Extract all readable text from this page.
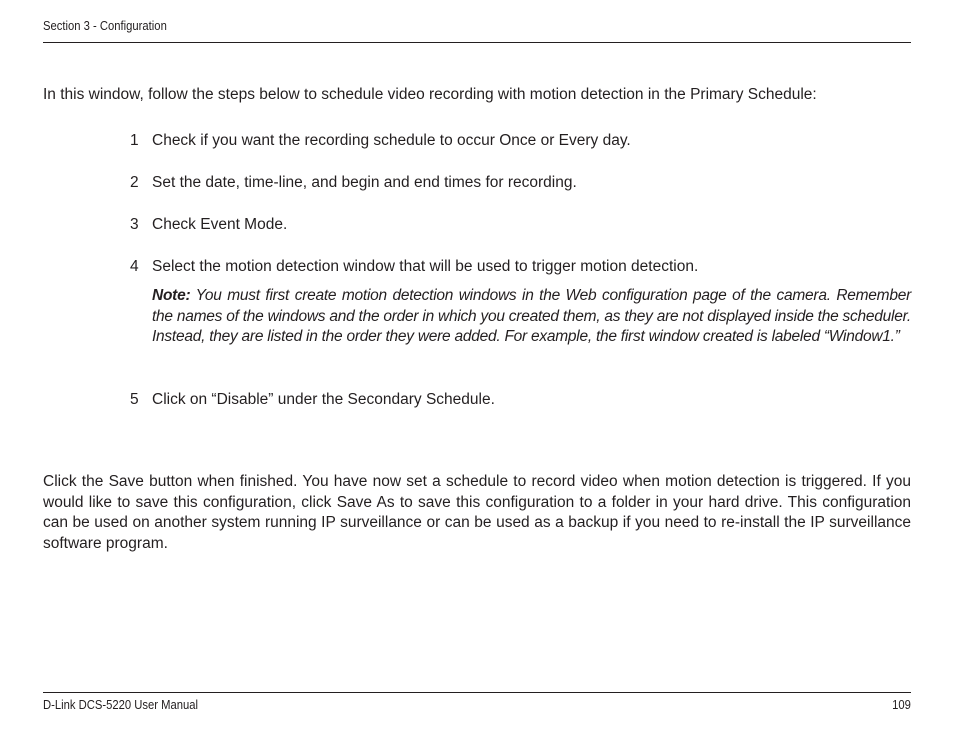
Section 3 - Configuration
In this window, follow the steps below to schedule video recording with motion detection in the Primary Schedule:
1 Check if you want the recording schedule to occur Once or Every day.
2 Set the date, time-line, and begin and end times for recording.
3 Check Event Mode.
4 Select the motion detection window that will be used to trigger motion detection.
Note: You must first create motion detection windows in the Web configuration page of the camera. Remember the names of the windows and the order in which you created them, as they are not displayed inside the scheduler. Instead, they are listed in the order they were added. For example, the first window created is labeled “Window1.”
5 Click on “Disable” under the Secondary Schedule.
Click the Save button when finished. You have now set a schedule to record video when motion detection is triggered. If you would like to save this configuration, click Save As to save this configuration to a folder in your hard drive. This configuration can be used on another system running IP surveillance or can be used as a backup if you need to re-install the IP surveillance software program.
D-Link DCS-5220 User Manual	109
